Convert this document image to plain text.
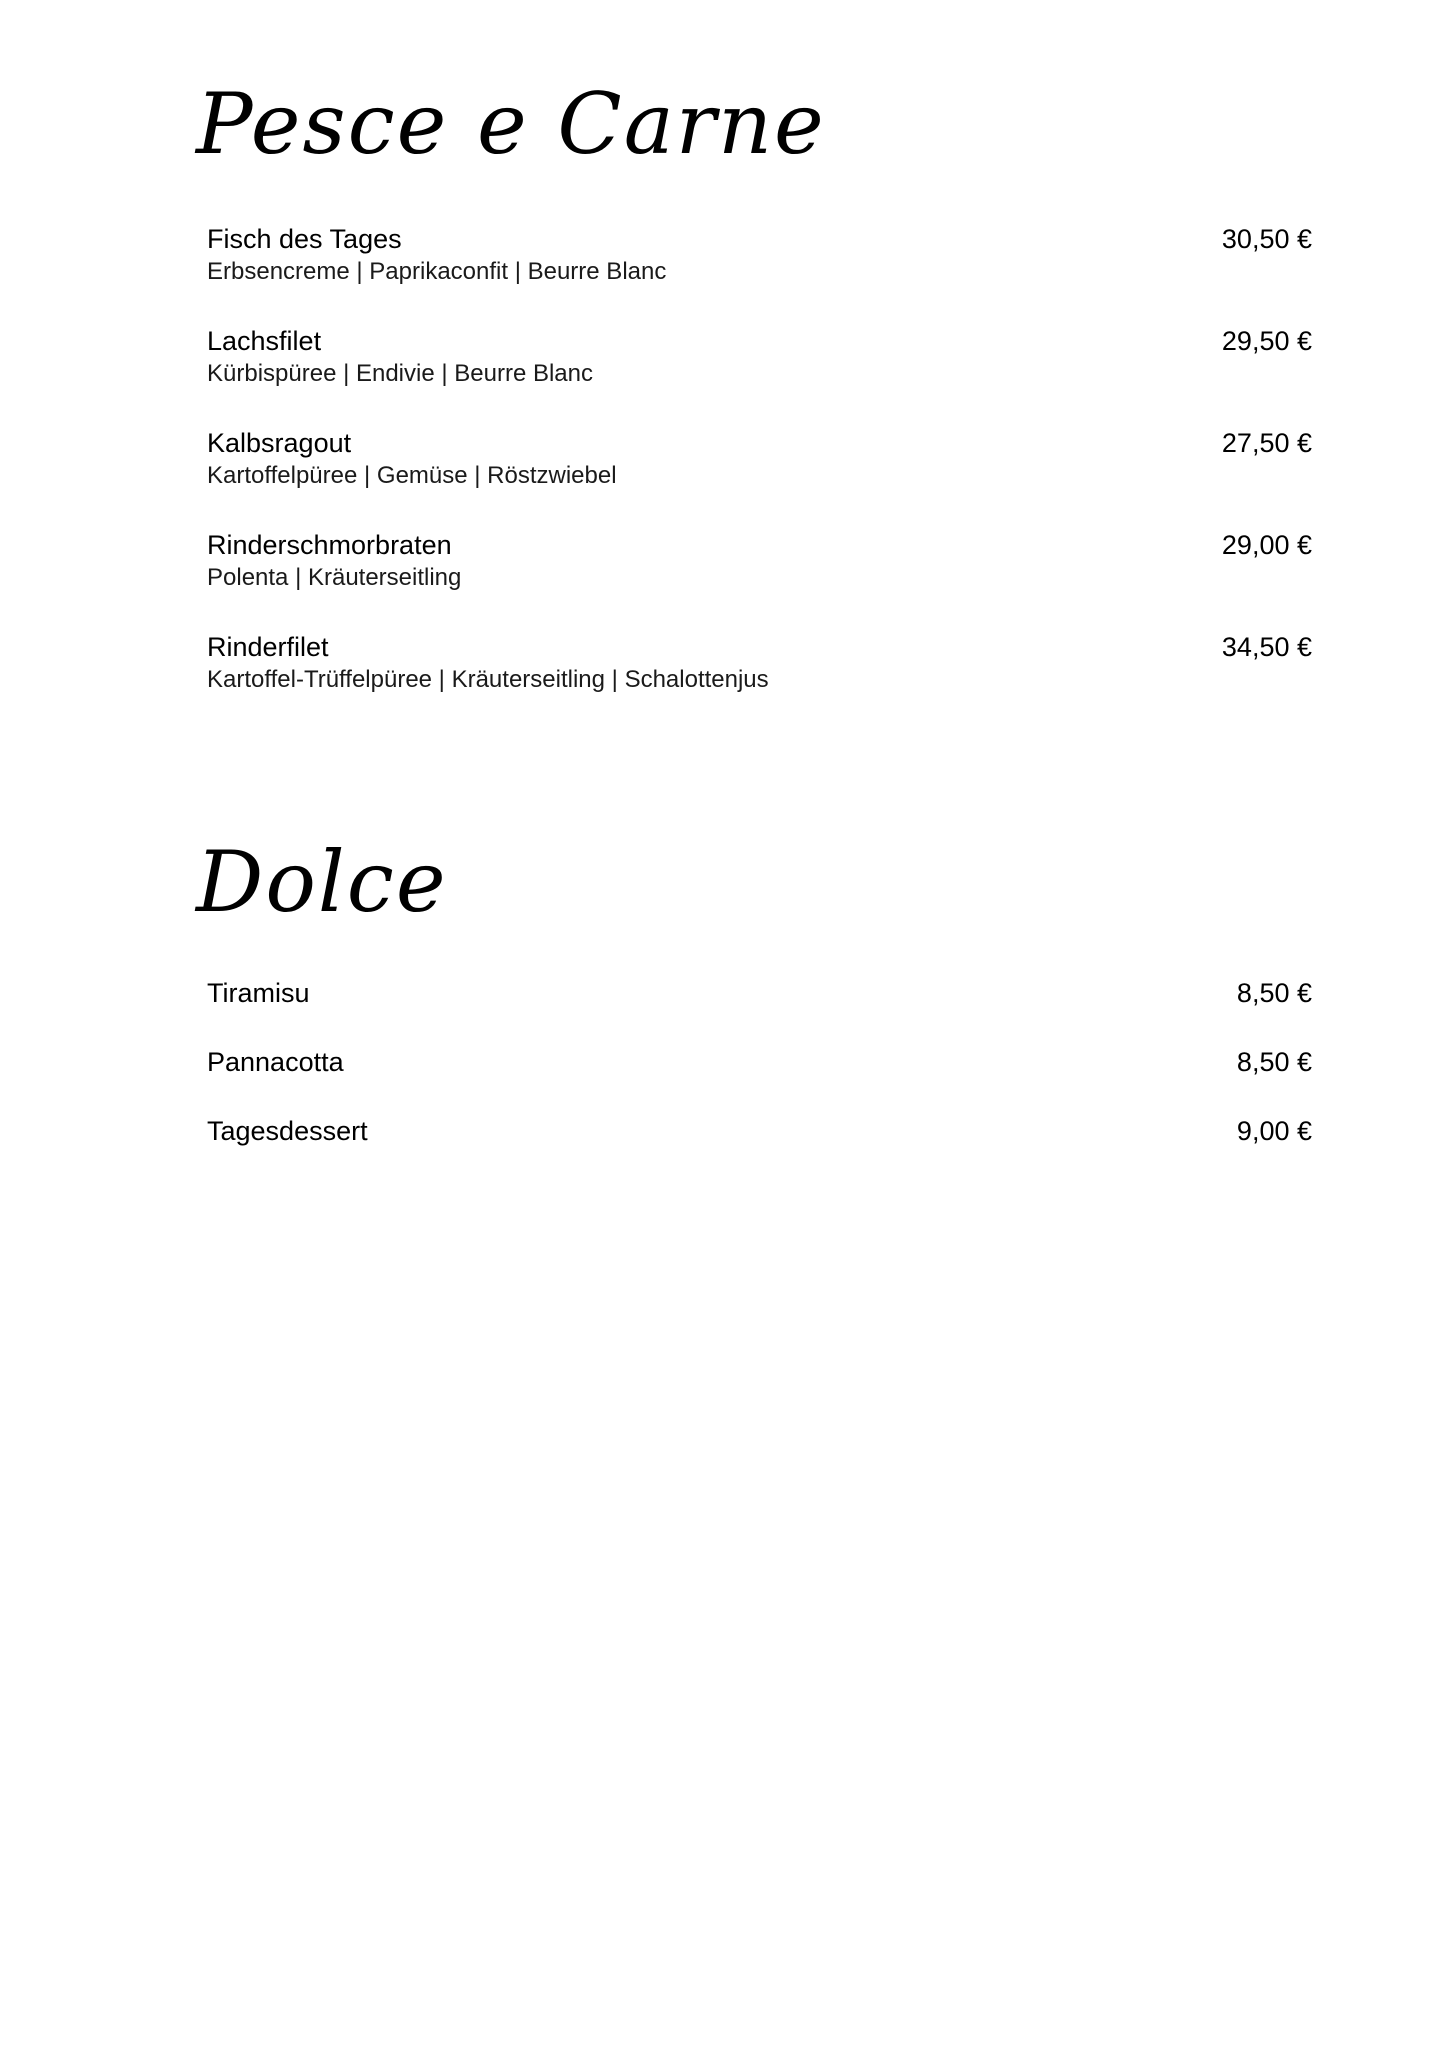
Pesce e Carne
Fisch des Tages	30,50 €
Erbsencreme | Paprikaconfit | Beurre Blanc
Lachsfilet	29,50 €
Kürbispüree | Endivie | Beurre Blanc
Kalbsragout	27,50 €
Kartoffelpüree | Gemüse | Röstzwiebel
Rinderschmorbraten	29,00 €
Polenta | Kräuterseitling
Rinderfilet	34,50 €
Kartoffel-Trüffelpüree | Kräuterseitling | Schalottenjus
Dolce
Tiramisu	8,50 €
Pannacotta	8,50 €
Tagesdessert	9,00 €
